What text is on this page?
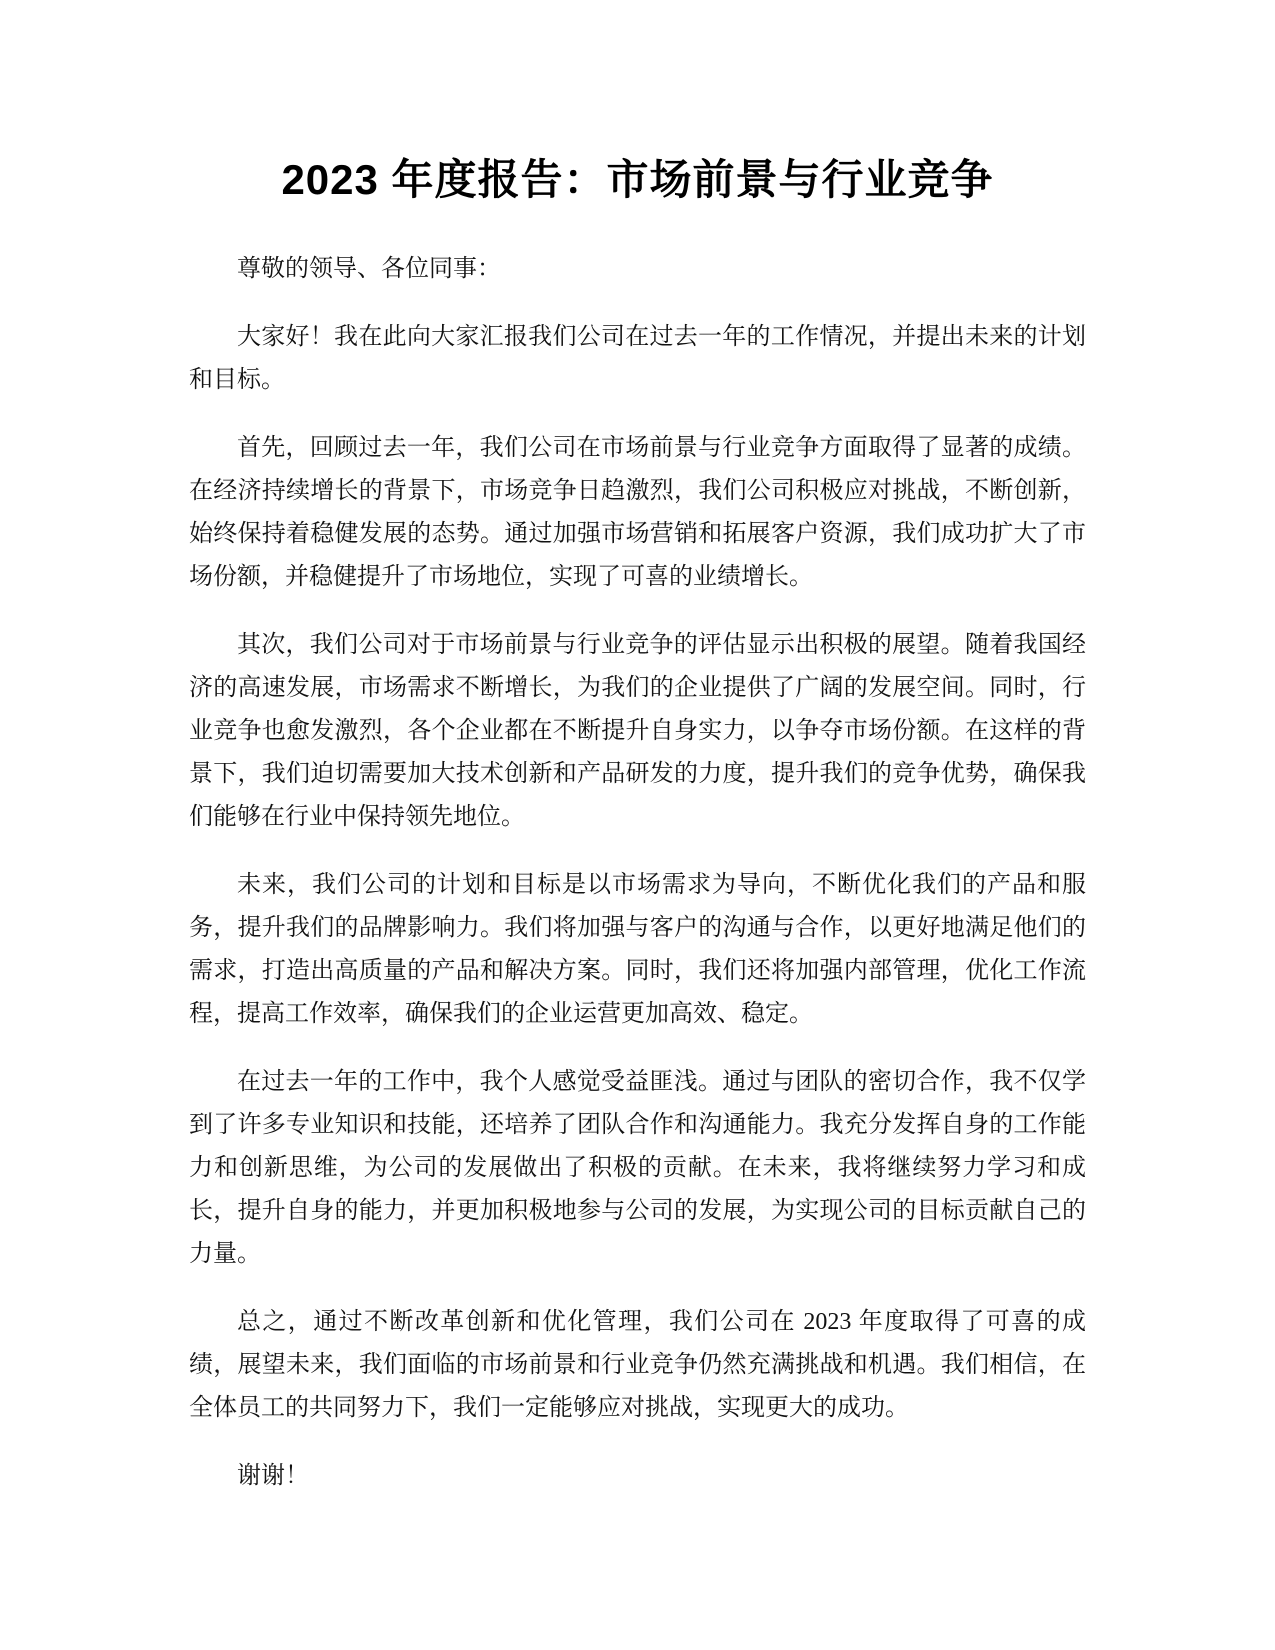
2023 年度报告：市场前景与行业竞争

尊敬的领导、各位同事：

大家好！我在此向大家汇报我们公司在过去一年的工作情况，并提出未来的计划和目标。

首先，回顾过去一年，我们公司在市场前景与行业竞争方面取得了显著的成绩。在经济持续增长的背景下，市场竞争日趋激烈，我们公司积极应对挑战，不断创新，始终保持着稳健发展的态势。通过加强市场营销和拓展客户资源，我们成功扩大了市场份额，并稳健提升了市场地位，实现了可喜的业绩增长。

其次，我们公司对于市场前景与行业竞争的评估显示出积极的展望。随着我国经济的高速发展，市场需求不断增长，为我们的企业提供了广阔的发展空间。同时，行业竞争也愈发激烈，各个企业都在不断提升自身实力，以争夺市场份额。在这样的背景下，我们迫切需要加大技术创新和产品研发的力度，提升我们的竞争优势，确保我们能够在行业中保持领先地位。

未来，我们公司的计划和目标是以市场需求为导向，不断优化我们的产品和服务，提升我们的品牌影响力。我们将加强与客户的沟通与合作，以更好地满足他们的需求，打造出高质量的产品和解决方案。同时，我们还将加强内部管理，优化工作流程，提高工作效率，确保我们的企业运营更加高效、稳定。

在过去一年的工作中，我个人感觉受益匪浅。通过与团队的密切合作，我不仅学到了许多专业知识和技能，还培养了团队合作和沟通能力。我充分发挥自身的工作能力和创新思维，为公司的发展做出了积极的贡献。在未来，我将继续努力学习和成长，提升自身的能力，并更加积极地参与公司的发展，为实现公司的目标贡献自己的力量。

总之，通过不断改革创新和优化管理，我们公司在 2023 年度取得了可喜的成绩，展望未来，我们面临的市场前景和行业竞争仍然充满挑战和机遇。我们相信，在全体员工的共同努力下，我们一定能够应对挑战，实现更大的成功。

谢谢！
